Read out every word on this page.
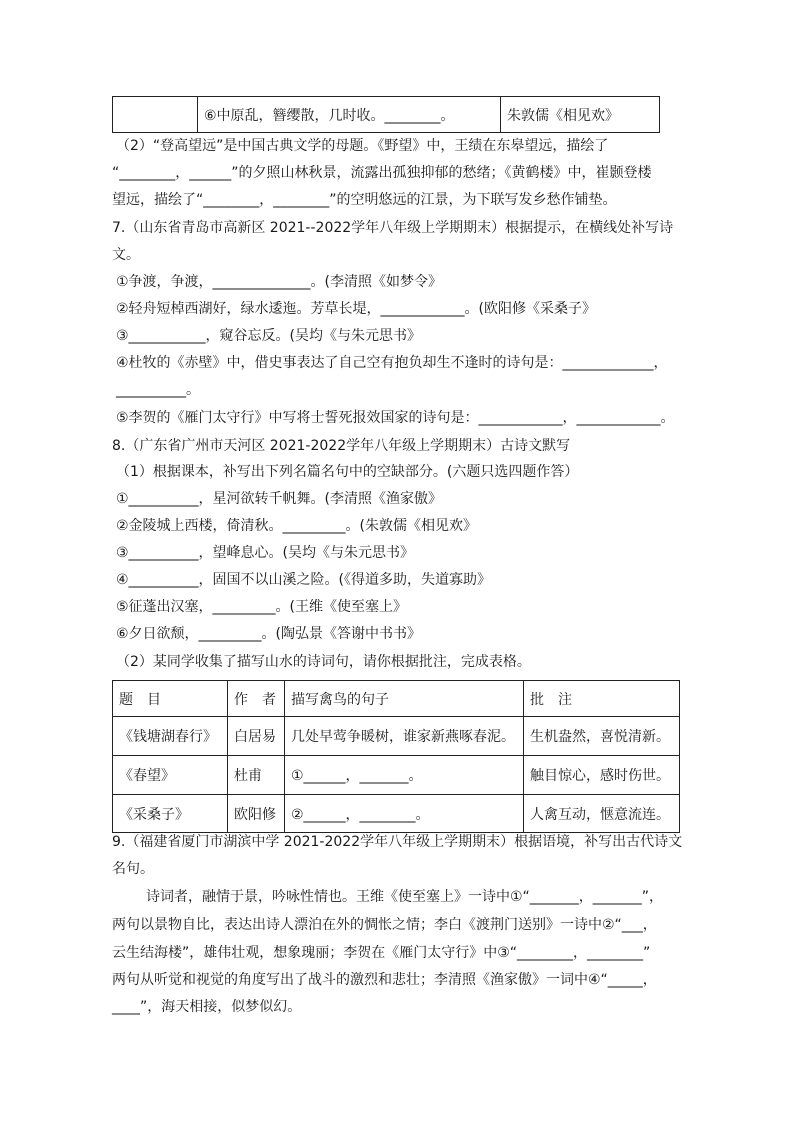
	⑥中原乱，簪缨散，几时收。________。	朱敦儒《相见欢》
（2）“登高望远”是中国古典文学的母题。《野望》中，王绩在东皋望远，描绘了
“________，______”的夕照山林秋景，流露出孤独抑郁的愁绪；《黄鹤楼》中，崔颢登楼
望远，描绘了“________，________”的空明悠远的江景，为下联写发乡愁作铺垫。
7.（山东省青岛市高新区 2021--2022学年八年级上学期期末）根据提示，在横线处补写诗
文。
①争渡，争渡，______________。(李清照《如梦令》
②轻舟短棹西湖好，绿水逶迤。芳草长堤，____________。(欧阳修《采桑子》
③___________，窥谷忘反。(吴均《与朱元思书》
④杜牧的《赤壁》中，借史事表达了自己空有抱负却生不逢时的诗句是：_____________，
__________。
⑤李贺的《雁门太守行》中写将士誓死报效国家的诗句是：____________，____________。
8.（广东省广州市天河区 2021-2022学年八年级上学期期末）古诗文默写
（1）根据课本，补写出下列名篇名句中的空缺部分。(六题只选四题作答）
①__________，星河欲转千帆舞。(李清照《渔家傲》
②金陵城上西楼，倚清秋。_________。(朱敦儒《相见欢》
③__________，望峰息心。(吴均《与朱元思书》
④__________，固国不以山溪之险。(《得道多助，失道寡助》
⑤征蓬出汉塞，_________。(王维《使至塞上》
⑥夕日欲颓，_________。(陶弘景《答谢中书书》
（2）某同学收集了描写山水的诗词句，请你根据批注，完成表格。
题　目	作　者	描写禽鸟的句子	批　注
《钱塘湖春行》	白居易	几处早莺争暖树，谁家新燕啄春泥。	生机盎然，喜悦清新。
《春望》	杜甫	①______，_______。	触目惊心，感时伤世。
《采桑子》	欧阳修	②______，________。	人禽互动，惬意流连。
9.（福建省厦门市湖滨中学 2021-2022学年八年级上学期期末）根据语境，补写出古代诗文
名句。
诗词者，融情于景，吟咏性情也。王维《使至塞上》一诗中①“_______，_______”，
两句以景物自比，表达出诗人漂泊在外的惆怅之情；李白《渡荆门送别》一诗中②“___，
云生结海楼”，雄伟壮观，想象瑰丽；李贺在《雁门太守行》中③“________，________”
两句从听觉和视觉的角度写出了战斗的激烈和悲壮；李清照《渔家傲》一词中④“_____，
____”，海天相接，似梦似幻。
